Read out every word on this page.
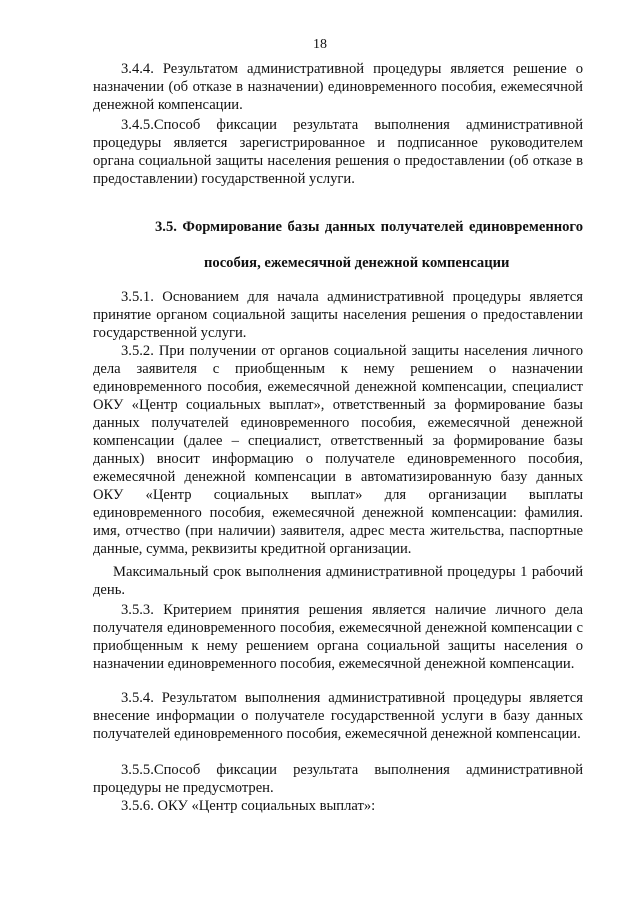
18
3.4.4. Результатом административной процедуры является решение о назначении (об отказе в назначении) единовременного пособия, ежемесячной денежной компенсации.
3.4.5.Способ фиксации результата выполнения административной процедуры является зарегистрированное и подписанное руководителем органа социальной защиты населения решения о предоставлении (об отказе в предоставлении) государственной услуги.
3.5. Формирование базы данных получателей единовременного
пособия, ежемесячной денежной компенсации
3.5.1. Основанием для начала административной процедуры является принятие органом социальной защиты населения решения о предоставлении государственной услуги.
3.5.2. При получении от органов социальной защиты населения личного дела заявителя с приобщенным к нему решением о назначении единовременного пособия, ежемесячной денежной компенсации, специалист ОКУ «Центр социальных выплат», ответственный за формирование базы данных получателей единовременного пособия, ежемесячной денежной компенсации (далее – специалист, ответственный за формирование базы данных) вносит информацию о получателе единовременного пособия, ежемесячной денежной компенсации в автоматизированную базу данных ОКУ «Центр социальных выплат» для организации выплаты единовременного пособия, ежемесячной денежной компенсации: фамилия. имя, отчество (при наличии) заявителя, адрес места жительства, паспортные данные, сумма, реквизиты кредитной организации.
Максимальный срок выполнения административной процедуры 1 рабочий день.
3.5.3. Критерием принятия решения является наличие личного дела получателя единовременного пособия, ежемесячной денежной компенсации с приобщенным к нему решением органа социальной защиты населения о назначении единовременного пособия, ежемесячной денежной компенсации.
3.5.4. Результатом выполнения административной процедуры является внесение информации о получателе государственной услуги в базу данных получателей единовременного пособия, ежемесячной денежной компенсации.
3.5.5.Способ фиксации результата выполнения административной процедуры не предусмотрен.
3.5.6. ОКУ «Центр социальных выплат»:
